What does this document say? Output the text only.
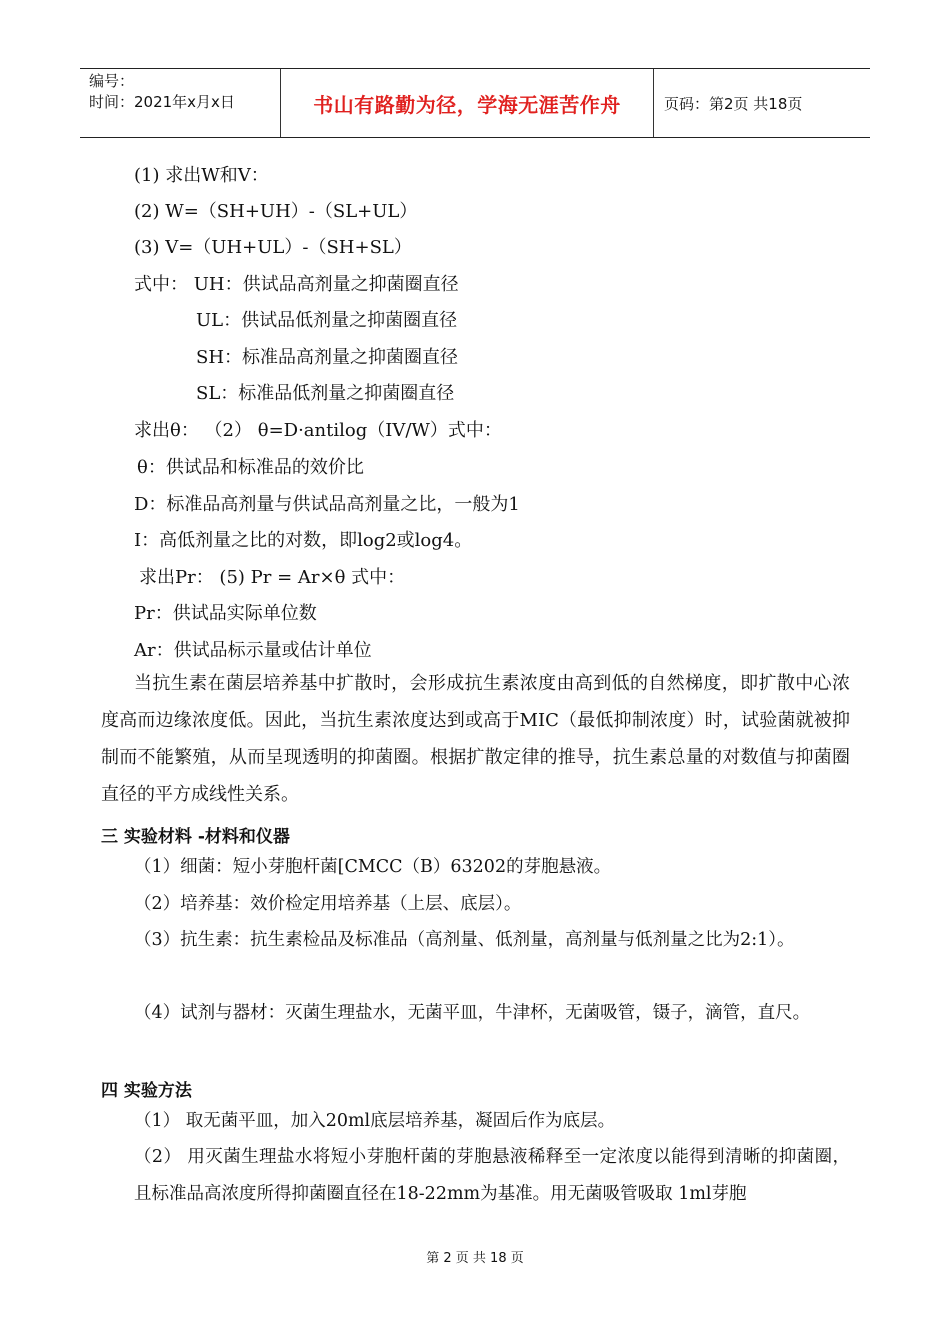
编号：
时间：2021年x月x日	书山有路勤为径，学海无涯苦作舟	页码：第2页 共18页
(1) 求出W和V：
(2) W=（SH+UH）-（SL+UL）
(3) V=（UH+UL）-（SH+SL）
式中： UH：供试品高剂量之抑菌圈直径
UL：供试品低剂量之抑菌圈直径
SH：标准品高剂量之抑菌圈直径
SL：标准品低剂量之抑菌圈直径
求出θ： （2） θ=D·antilog（IV/W）式中：
θ：供试品和标准品的效价比
D：标准品高剂量与供试品高剂量之比，一般为1
I：高低剂量之比的对数，即log2或log4。
求出Pr： (5) Pr = Ar×θ 式中：
Pr：供试品实际单位数
Ar：供试品标示量或估计单位
当抗生素在菌层培养基中扩散时，会形成抗生素浓度由高到低的自然梯度，即扩散中心浓度高而边缘浓度低。因此，当抗生素浓度达到或高于MIC（最低抑制浓度）时，试验菌就被抑制而不能繁殖，从而呈现透明的抑菌圈。根据扩散定律的推导，抗生素总量的对数值与抑菌圈直径的平方成线性关系。
三 实验材料 -材料和仪器
（1）细菌：短小芽胞杆菌[CMCC（B）63202的芽胞悬液。
（2）培养基：效价检定用培养基（上层、底层）。
（3）抗生素：抗生素检品及标准品（高剂量、低剂量，高剂量与低剂量之比为2:1）。
（4）试剂与器材：灭菌生理盐水，无菌平皿，牛津杯，无菌吸管，镊子，滴管，直尺。
四 实验方法
（1） 取无菌平皿，加入20ml底层培养基，凝固后作为底层。
（2） 用灭菌生理盐水将短小芽胞杆菌的芽胞悬液稀释至一定浓度以能得到清晰的抑菌圈，且标准品高浓度所得抑菌圈直径在18-22mm为基准。用无菌吸管吸取 1ml芽胞
第 2 页 共 18 页
